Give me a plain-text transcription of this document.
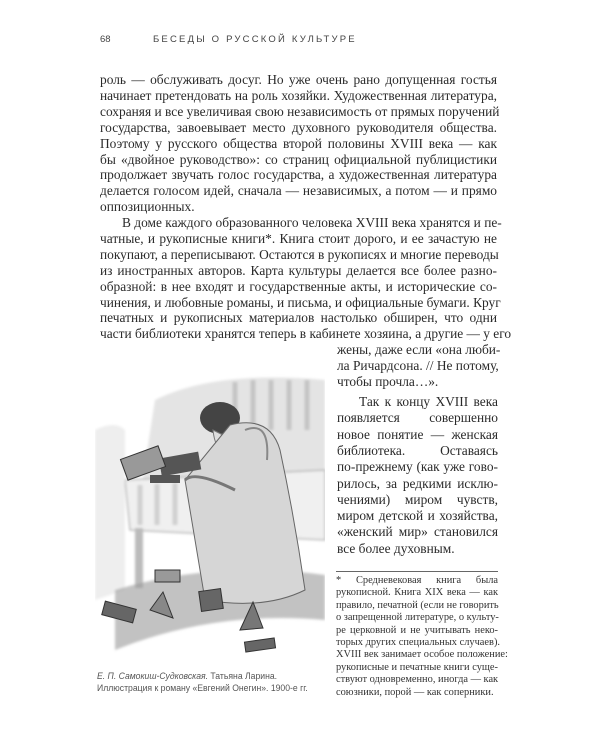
68	БЕСЕДЫ О РУССКОЙ КУЛЬТУРЕ
роль — обслуживать досуг. Но уже очень рано допущенная гостья
начинает претендовать на роль хозяйки. Художественная литература,
сохраняя и все увеличивая свою независимость от прямых поручений
государства, завоевывает место духовного руководителя общества.
Поэтому у русского общества второй половины XVIII века — как
бы «двойное руководство»: со страниц официальной публицистики
продолжает звучать голос государства, а художественная литература
делается голосом идей, сначала — независимых, а потом — и прямо
оппозиционных.
В доме каждого образованного человека XVIII века хранятся и пе-
чатные, и рукописные книги*. Книга стоит дорого, и ее зачастую не
покупают, а переписывают. Остаются в рукописях и многие переводы
из иностранных авторов. Карта культуры делается все более разно-
образной: в нее входят и государственные акты, и исторические со-
чинения, и любовные романы, и письма, и официальные бумаги. Круг
печатных и рукописных материалов настолько обширен, что одни
части библиотеки хранятся теперь в кабинете хозяина, а другие — у его
жены, даже если «она люби-
ла Ричардсона. // Не потому,
чтобы прочла…».
Так к концу XVIII века
появляется совершенно
новое понятие — женская
библиотека. Оставаясь
по-прежнему (как уже гово-
рилось, за редкими исклю-
чениями) миром чувств,
миром детской и хозяйства,
«женский мир» становился
все более духовным.
Е. П. Самокиш-Судковская. Татьяна Ларина.
Иллюстрация к роману «Евгений Онегин». 1900-е гг.
* Средневековая книга была
рукописной. Книга XIX века — как
правило, печатной (если не говорить
о запрещенной литературе, о культу-
ре церковной и не учитывать неко-
торых других специальных случаев).
XVIII век занимает особое положение:
рукописные и печатные книги суще-
ствуют одновременно, иногда — как
союзники, порой — как соперники.
